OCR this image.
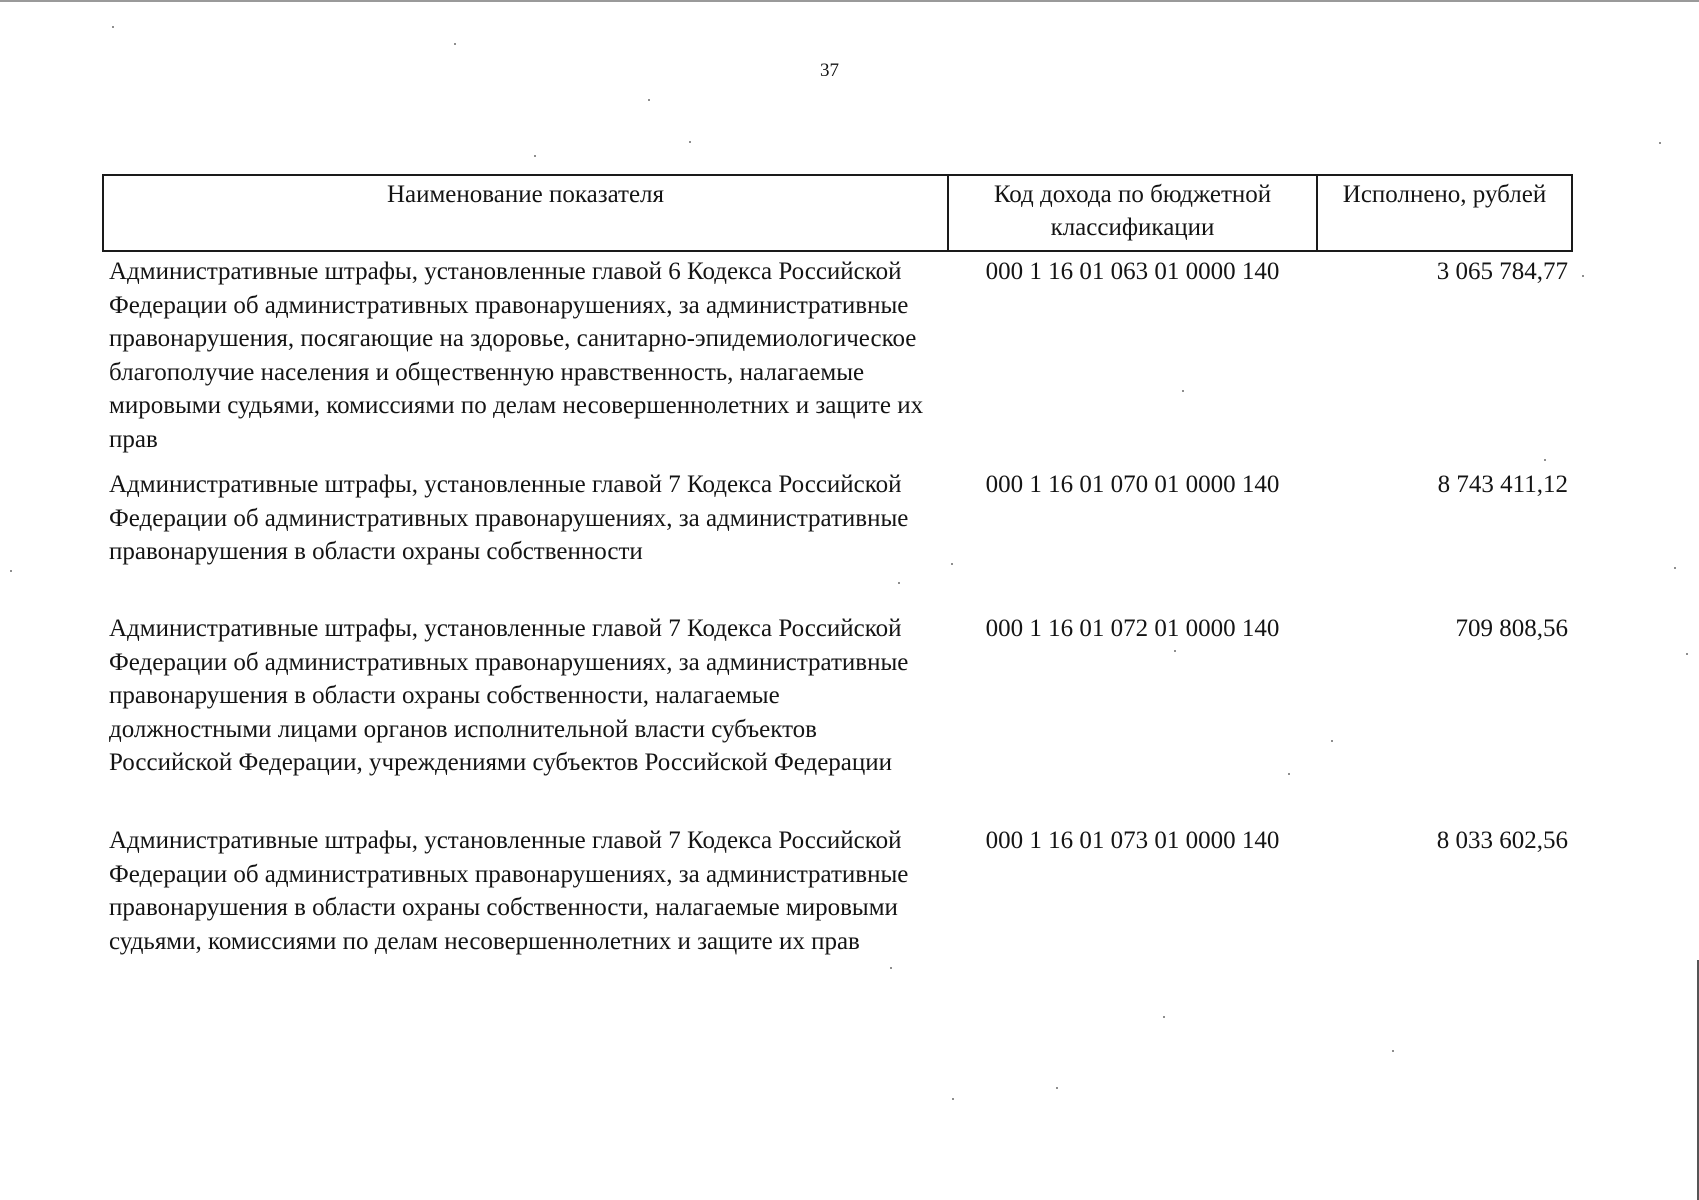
37
Наименование показателя	Код дохода по бюджетной классификации	Исполнено, рублей
Административные штрафы, установленные главой 6 Кодекса Российской Федерации об административных правонарушениях, за административные правонарушения, посягающие на здоровье, санитарно-эпидемиологическое благополучие населения и общественную нравственность, налагаемые мировыми судьями, комиссиями по делам несовершеннолетних и защите их прав	000 1 16 01 063 01 0000 140	3 065 784,77
Административные штрафы, установленные главой 7 Кодекса Российской Федерации об административных правонарушениях, за административные правонарушения в области охраны собственности	000 1 16 01 070 01 0000 140	8 743 411,12
Административные штрафы, установленные главой 7 Кодекса Российской Федерации об административных правонарушениях, за административные правонарушения в области охраны собственности, налагаемые должностными лицами органов исполнительной власти субъектов Российской Федерации, учреждениями субъектов Российской Федерации	000 1 16 01 072 01 0000 140	709 808,56
Административные штрафы, установленные главой 7 Кодекса Российской Федерации об административных правонарушениях, за административные правонарушения в области охраны собственности, налагаемые мировыми судьями, комиссиями по делам несовершеннолетних и защите их прав	000 1 16 01 073 01 0000 140	8 033 602,56
